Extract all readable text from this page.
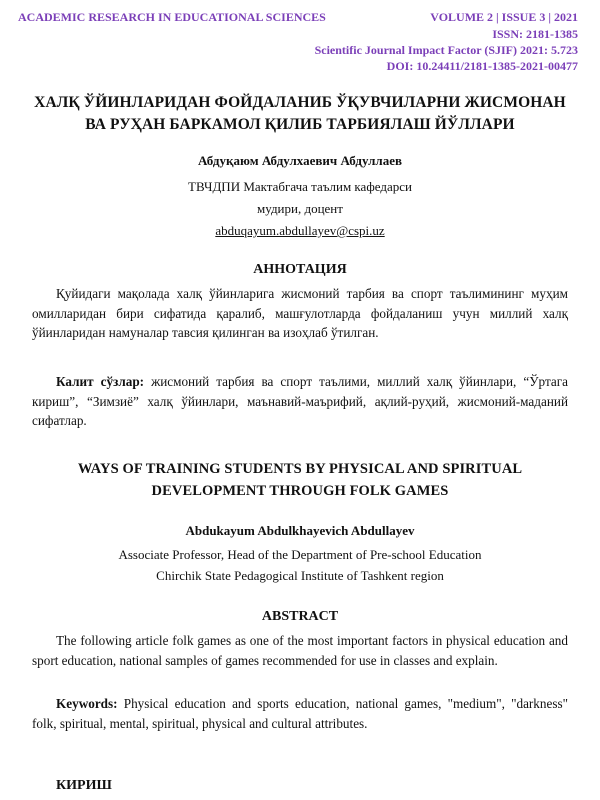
ACADEMIC RESEARCH IN EDUCATIONAL SCIENCES	VOLUME 2 | ISSUE 3 | 2021
ISSN: 2181-1385
Scientific Journal Impact Factor (SJIF) 2021: 5.723
DOI: 10.24411/2181-1385-2021-00477
ХАЛҚ ЎЙИНЛАРИДАН ФОЙДАЛАНИБ ЎҚУВЧИЛАРНИ ЖИСМОНАН ВА РУҲАН БАРКАМОЛ ҚИЛИБ ТАРБИЯЛАШ ЙЎЛЛАРИ
Абдуқаюм Абдулхаевич Абдуллаев
ТВЧДПИ Мактабгача таълим кафедарси
мудири, доцент
abduqayum.abdullayev@cspi.uz
АННОТАЦИЯ
Қуйидаги мақолада халқ ўйинларига жисмоний тарбия ва спорт таълимининг муҳим омилларидан бири сифатида қаралиб, машғулотларда фойдаланиш учун миллий халқ ўйинларидан намуналар тавсия қилинган ва изоҳлаб ўтилган.
Калит сўзлар: жисмоний тарбия ва спорт таълими, миллий халқ ўйинлари, “Ўртага кириш”, “Зимзиё” халқ ўйинлари, маънавий-маърифий, ақлий-руҳий, жисмоний-маданий сифатлар.
WAYS OF TRAINING STUDENTS BY PHYSICAL AND SPIRITUAL DEVELOPMENT THROUGH FOLK GAMES
Abdukayum Abdulkhayevich Abdullayev
Associate Professor, Head of the Department of Pre-school Education
Chirchik State Pedagogical Institute of Tashkent region
ABSTRACT
The following article folk games as one of the most important factors in physical education and sport education, national samples of games recommended for use in classes and explain.
Keywords: Physical education and sports education, national games, "medium", "darkness" folk, spiritual, mental, spiritual, physical and cultural attributes.
КИРИШ
